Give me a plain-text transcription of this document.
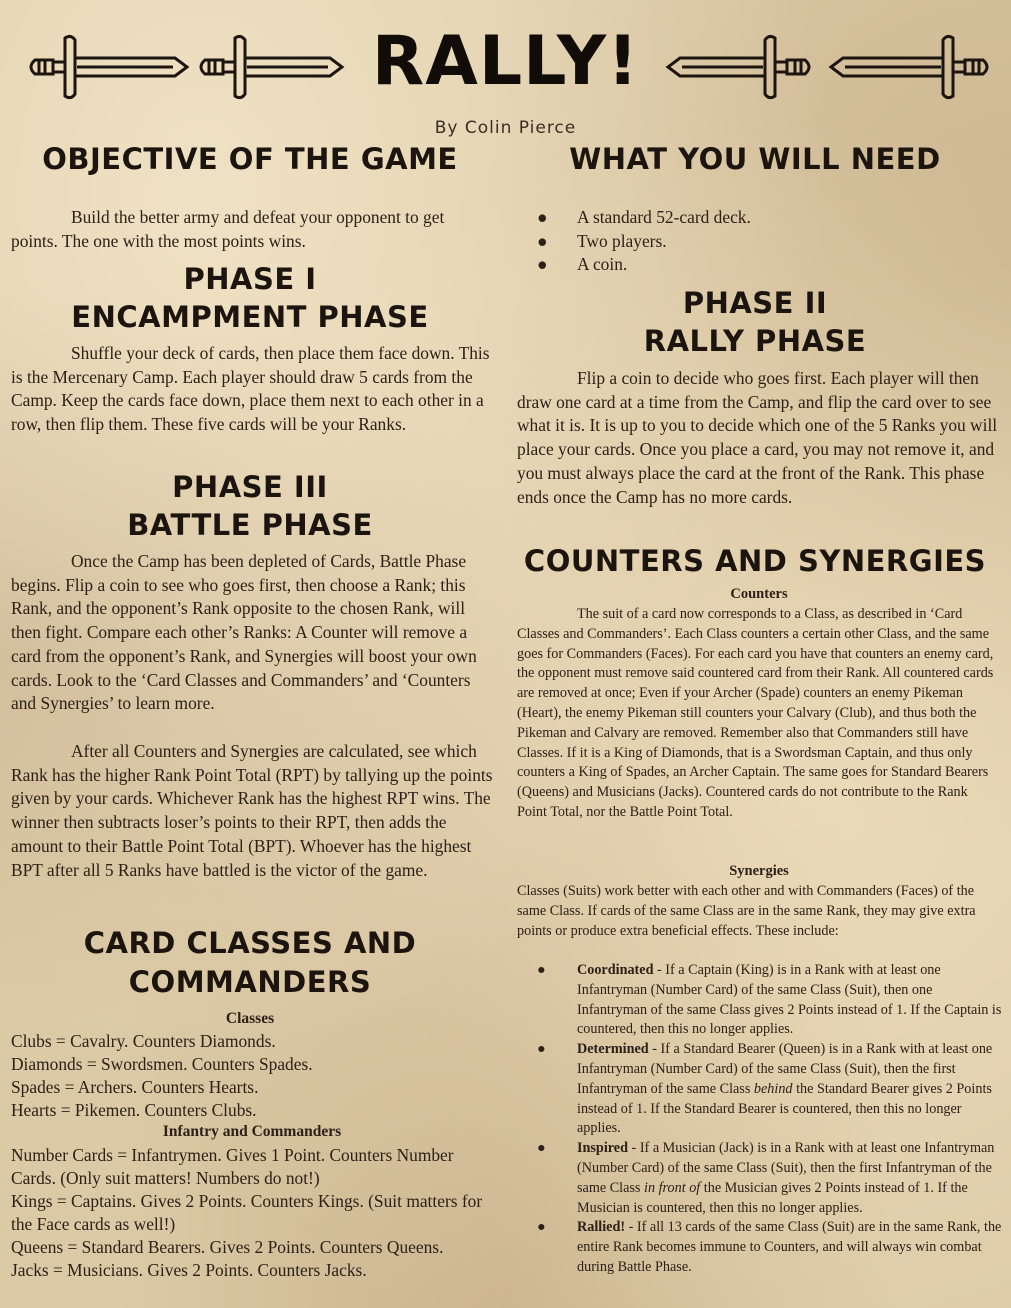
RALLY!
By Colin Pierce
OBJECTIVE OF THE GAME

Build the better army and defeat your opponent to get points. The one with the most points wins.

PHASE I
ENCAMPMENT PHASE

Shuffle your deck of cards, then place them face down. This is the Mercenary Camp. Each player should draw 5 cards from the Camp. Keep the cards face down, place them next to each other in a row, then flip them. These five cards will be your Ranks.

PHASE III
BATTLE PHASE

Once the Camp has been depleted of Cards, Battle Phase begins. Flip a coin to see who goes first, then choose a Rank; this Rank, and the opponent’s Rank opposite to the chosen Rank, will then fight. Compare each other’s Ranks: A Counter will remove a card from the opponent’s Rank, and Synergies will boost your own cards. Look to the ‘Card Classes and Commanders’ and ‘Counters and Synergies’ to learn more.

After all Counters and Synergies are calculated, see which Rank has the higher Rank Point Total (RPT) by tallying up the points given by your cards. Whichever Rank has the highest RPT wins. The winner then subtracts loser’s points to their RPT, then adds the amount to their Battle Point Total (BPT). Whoever has the highest BPT after all 5 Ranks have battled is the victor of the game.

CARD CLASSES AND
COMMANDERS
Classes
Clubs = Cavalry. Counters Diamonds.
Diamonds = Swordsmen. Counters Spades.
Spades = Archers. Counters Hearts.
Hearts = Pikemen. Counters Clubs.
Infantry and Commanders
Number Cards = Infantrymen. Gives 1 Point. Counters Number Cards. (Only suit matters! Numbers do not!)
Kings = Captains. Gives 2 Points. Counters Kings. (Suit matters for the Face cards as well!)
Queens = Standard Bearers. Gives 2 Points. Counters Queens.
Jacks = Musicians. Gives 2 Points. Counters Jacks.
WHAT YOU WILL NEED
● A standard 52-card deck.
● Two players.
● A coin.
PHASE II
RALLY PHASE

Flip a coin to decide who goes first. Each player will then draw one card at a time from the Camp, and flip the card over to see what it is. It is up to you to decide which one of the 5 Ranks you will place your cards. Once you place a card, you may not remove it, and you must always place the card at the front of the Rank. This phase ends once the Camp has no more cards.

COUNTERS AND SYNERGIES
Counters

The suit of a card now corresponds to a Class, as described in ‘Card Classes and Commanders’. Each Class counters a certain other Class, and the same goes for Commanders (Faces). For each card you have that counters an enemy card, the opponent must remove said countered card from their Rank. All countered cards are removed at once; Even if your Archer (Spade) counters an enemy Pikeman (Heart), the enemy Pikeman still counters your Calvary (Club), and thus both the Pikeman and Calvary are removed. Remember also that Commanders still have Classes. If it is a King of Diamonds, that is a Swordsman Captain, and thus only counters a King of Spades, an Archer Captain. The same goes for Standard Bearers (Queens) and Musicians (Jacks). Countered cards do not contribute to the Rank Point Total, nor the Battle Point Total.

Synergies

Classes (Suits) work better with each other and with Commanders (Faces) of the same Class. If cards of the same Class are in the same Rank, they may give extra points or produce extra beneficial effects. These include:

● Coordinated - If a Captain (King) is in a Rank with at least one Infantryman (Number Card) of the same Class (Suit), then one Infantryman of the same Class gives 2 Points instead of 1. If the Captain is countered, then this no longer applies.
● Determined - If a Standard Bearer (Queen) is in a Rank with at least one Infantryman (Number Card) of the same Class (Suit), then the first Infantryman of the same Class behind the Standard Bearer gives 2 Points instead of 1. If the Standard Bearer is countered, then this no longer applies.
● Inspired - If a Musician (Jack) is in a Rank with at least one Infantryman (Number Card) of the same Class (Suit), then the first Infantryman of the same Class in front of the Musician gives 2 Points instead of 1. If the Musician is countered, then this no longer applies.
● Rallied! - If all 13 cards of the same Class (Suit) are in the same Rank, the entire Rank becomes immune to Counters, and will always win combat during Battle Phase.
